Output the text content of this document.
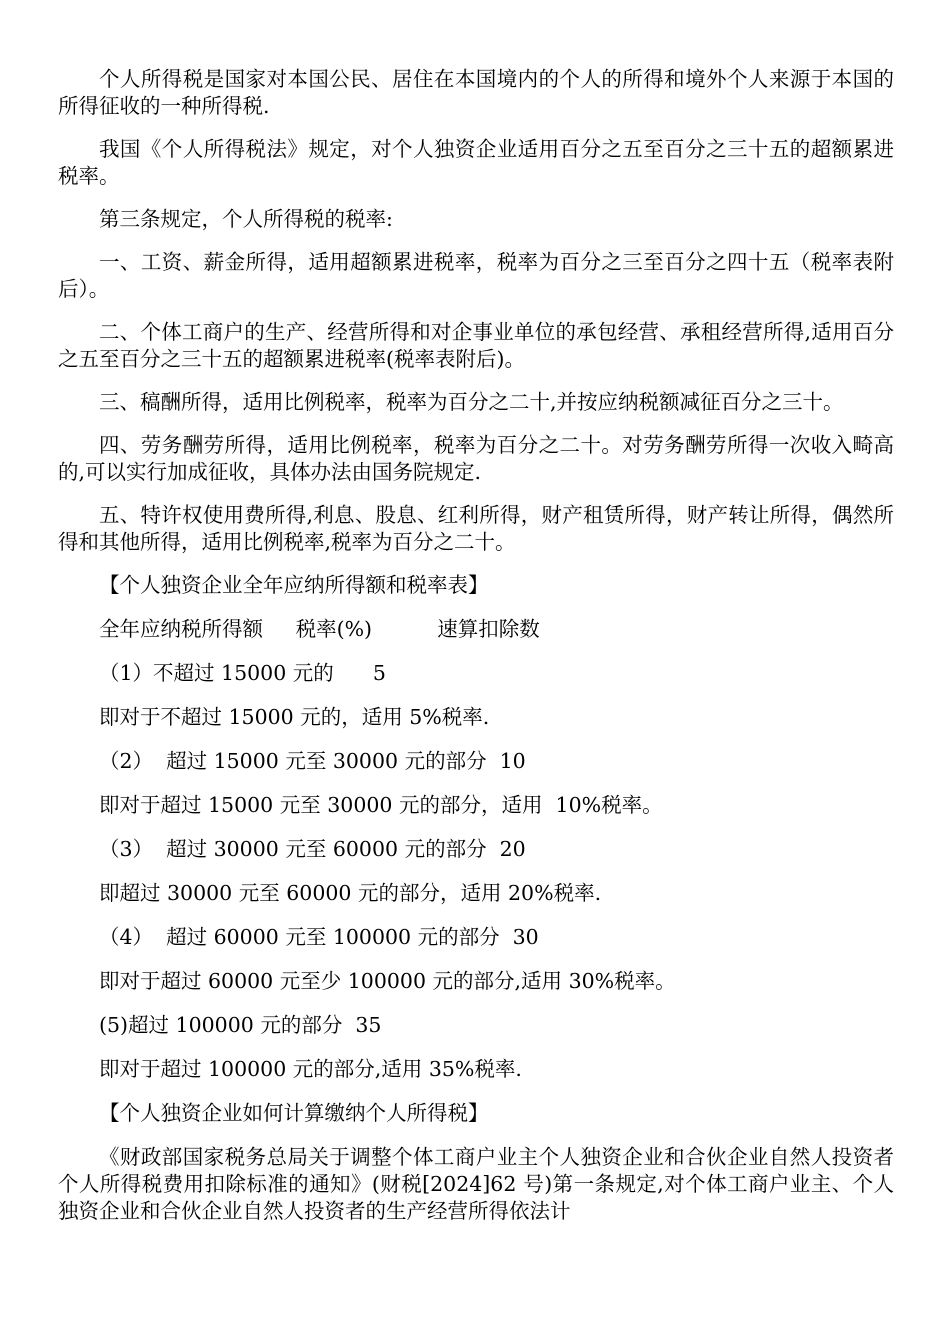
个人所得税是国家对本国公民、居住在本国境内的个人的所得和境外个人来源于本国的所得征收的一种所得税.

我国《个人所得税法》规定，对个人独资企业适用百分之五至百分之三十五的超额累进税率。

第三条规定，个人所得税的税率:

一、工资、薪金所得，适用超额累进税率，税率为百分之三至百分之四十五（税率表附后）。

二、个体工商户的生产、经营所得和对企事业单位的承包经营、承租经营所得,适用百分之五至百分之三十五的超额累进税率(税率表附后)。

三、稿酬所得，适用比例税率，税率为百分之二十,并按应纳税额减征百分之三十。

四、劳务酬劳所得，适用比例税率，税率为百分之二十。对劳务酬劳所得一次收入畸高的,可以实行加成征收，具体办法由国务院规定.

五、特许权使用费所得,利息、股息、红利所得，财产租赁所得，财产转让所得，偶然所得和其他所得，适用比例税率,税率为百分之二十。

【个人独资企业全年应纳所得额和税率表】
全年应纳税所得额     税率(%)          速算扣除数
（1）不超过 15000 元的      5
即对于不超过 15000 元的，适用 5%税率.
（2）  超过 15000 元至 30000 元的部分  10
即对于超过 15000 元至 30000 元的部分，适用  10%税率。
（3）  超过 30000 元至 60000 元的部分  20
即超过 30000 元至 60000 元的部分，适用 20%税率.
（4）  超过 60000 元至 100000 元的部分  30
即对于超过 60000 元至少 100000 元的部分,适用 30%税率。
(5)超过 100000 元的部分  35
即对于超过 100000 元的部分,适用 35%税率.
【个人独资企业如何计算缴纳个人所得税】

《财政部国家税务总局关于调整个体工商户业主个人独资企业和合伙企业自然人投资者个人所得税费用扣除标准的通知》(财税[2024]62 号)第一条规定,对个体工商户业主、个人独资企业和合伙企业自然人投资者的生产经营所得依法计
